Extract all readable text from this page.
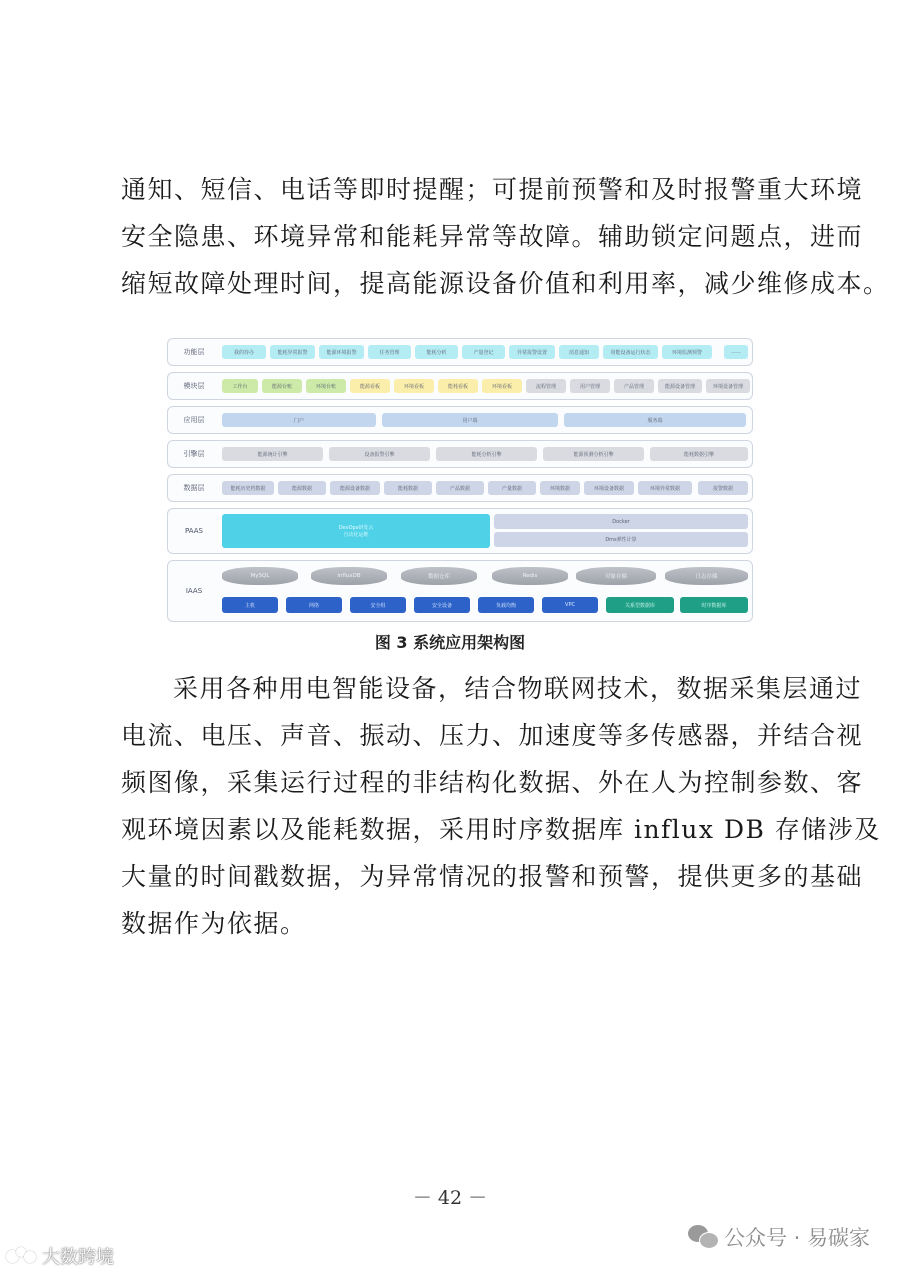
通知、短信、电话等即时提醒；可提前预警和及时报警重大环境
安全隐患、环境异常和能耗异常等故障。辅助锁定问题点，进而
缩短故障处理时间，提高能源设备价值和利用率，减少维修成本。
功能层	我的待办	能耗异常报警	能源环境报警	任务管理	能耗分析	产量登记	异常报警设置	消息通知	用能设备运行状态	环境监测预警	......
模块层	工作台	能源台账	环境台账	能源看板	环境看板	能耗看板	环境看板	流程管理	用户管理	产品管理	能源设备管理	环境设备管理
应用层	门户	用户端	服务端
引擎层	能源统计引擎	设备报警引擎	能耗分析引擎	能源预测分析引擎	能耗数据引擎
数据层	能耗历史档数据	能源数据	能源设备数据	能耗数据	产品数据	产量数据	环境数据	环境设备数据	环境异常数据	报警数据
PAAS	DevOps研发云
自动化运维
Docker
Dms弹性计算
IAAS
MySQL	influxDB	数据仓库	Redis	对象存储	日志存储
主机	网络	安全组	安全设备	负载均衡	VPC	关系型数据库	时序数据库
图 3 系统应用架构图
采用各种用电智能设备，结合物联网技术，数据采集层通过
电流、电压、声音、振动、压力、加速度等多传感器，并结合视
频图像，采集运行过程的非结构化数据、外在人为控制参数、客
观环境因素以及能耗数据，采用时序数据库 influx DB 存储涉及
大量的时间戳数据，为异常情况的报警和预警，提供更多的基础
数据作为依据。
－ 42 －
公众号 · 易碳家
大数跨境
